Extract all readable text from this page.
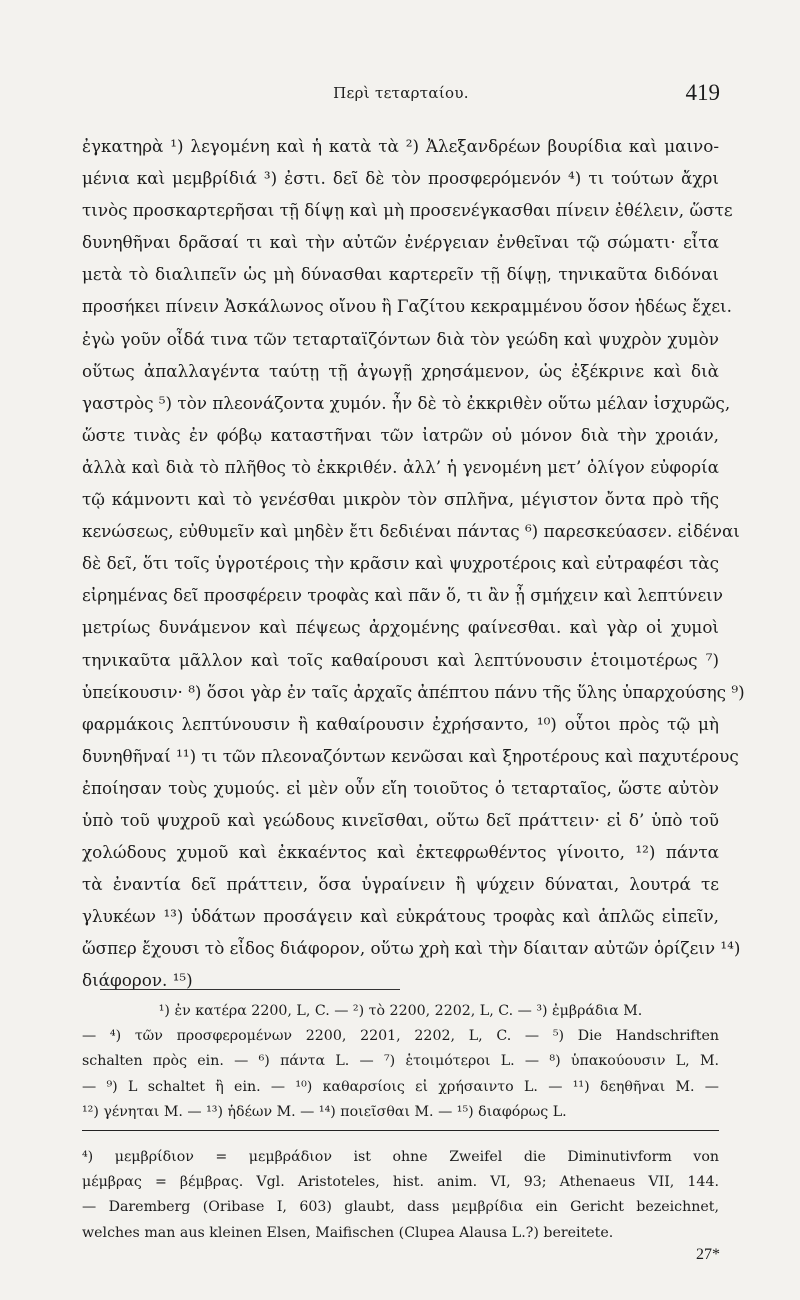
Περὶ τεταρταίου.	419
ἐγκατηρὰ ¹) λεγομένη καὶ ἡ κατὰ τὰ ²) Ἀλεξανδρέων βουρίδια καὶ μαινο-
μένια καὶ μεμβρίδιά ³) ἐστι. δεῖ δὲ τὸν προσφερόμενόν ⁴) τι τούτων ἄχρι
τινὸς προσκαρτερῆσαι τῇ δίψῃ καὶ μὴ προσενέγκασθαι πίνειν ἐθέλειν, ὥστε
δυνηθῆναι δρᾶσαί τι καὶ τὴν αὐτῶν ἐνέργειαν ἐνθεῖναι τῷ σώματι· εἶτα
μετὰ τὸ διαλιπεῖν ὡς μὴ δύνασθαι καρτερεῖν τῇ δίψῃ, τηνικαῦτα διδόναι
προσήκει πίνειν Ἀσκάλωνος οἴνου ἢ Γαζίτου κεκραμμένου ὅσον ἡδέως ἔχει.
ἐγὼ γοῦν οἶδά τινα τῶν τεταρταϊζόντων διὰ τὸν γεώδη καὶ ψυχρὸν χυμὸν
οὕτως ἀπαλλαγέντα ταύτῃ τῇ ἀγωγῇ χρησάμενον, ὡς ἐξέκρινε καὶ διὰ
γαστρὸς ⁵) τὸν πλεονάζοντα χυμόν. ἦν δὲ τὸ ἐκκριθὲν οὕτω μέλαν ἰσχυρῶς,
ὥστε τινὰς ἐν φόβῳ καταστῆναι τῶν ἰατρῶν οὐ μόνον διὰ τὴν χροιάν,
ἀλλὰ καὶ διὰ τὸ πλῆθος τὸ ἐκκριθέν. ἀλλ’ ἡ γενομένη μετ’ ὀλίγον εὐφορία
τῷ κάμνοντι καὶ τὸ γενέσθαι μικρὸν τὸν σπλῆνα, μέγιστον ὄντα πρὸ τῆς
κενώσεως, εὐθυμεῖν καὶ μηδὲν ἔτι δεδιέναι πάντας ⁶) παρεσκεύασεν. εἰδέναι
δὲ δεῖ, ὅτι τοῖς ὑγροτέροις τὴν κρᾶσιν καὶ ψυχροτέροις καὶ εὐτραφέσι τὰς
εἰρημένας δεῖ προσφέρειν τροφὰς καὶ πᾶν ὅ, τι ἂν ᾖ σμήχειν καὶ λεπτύνειν
μετρίως δυνάμενον καὶ πέψεως ἀρχομένης φαίνεσθαι. καὶ γὰρ οἱ χυμοὶ
τηνικαῦτα μᾶλλον καὶ τοῖς καθαίρουσι καὶ λεπτύνουσιν ἑτοιμοτέρως ⁷)
ὑπείκουσιν· ⁸) ὅσοι γὰρ ἐν ταῖς ἀρχαῖς ἀπέπτου πάνυ τῆς ὕλης ὑπαρχούσης ⁹)
φαρμάκοις λεπτύνουσιν ἢ καθαίρουσιν ἐχρήσαντο, ¹⁰) οὗτοι πρὸς τῷ μὴ
δυνηθῆναί ¹¹) τι τῶν πλεοναζόντων κενῶσαι καὶ ξηροτέρους καὶ παχυτέρους
ἐποίησαν τοὺς χυμούς. εἰ μὲν οὖν εἴη τοιοῦτος ὁ τεταρταῖος, ὥστε αὐτὸν
ὑπὸ τοῦ ψυχροῦ καὶ γεώδους κινεῖσθαι, οὕτω δεῖ πράττειν· εἰ δ’ ὑπὸ τοῦ
χολώδους χυμοῦ καὶ ἐκκαέντος καὶ ἐκτεφρωθέντος γίνοιτο, ¹²) πάντα
τὰ ἐναντία δεῖ πράττειν, ὅσα ὑγραίνειν ἢ ψύχειν δύναται, λουτρά τε
γλυκέων ¹³) ὑδάτων προσάγειν καὶ εὐκράτους τροφὰς καὶ ἁπλῶς εἰπεῖν,
ὥσπερ ἔχουσι τὸ εἶδος διάφορον, οὕτω χρὴ καὶ τὴν δίαιταν αὐτῶν ὁρίζειν ¹⁴)
διάφορον. ¹⁵)
¹) ἐν κατέρα 2200, L, C. — ²) τὸ 2200, 2202, L, C. — ³) ἐμβράδια M.
— ⁴) τῶν προσφερομένων 2200, 2201, 2202, L, C. — ⁵) Die Handschriften
schalten πρὸς ein. — ⁶) πάντα L. — ⁷) ἑτοιμότεροι L. — ⁸) ὑπακούουσιν L, M.
— ⁹) L schaltet ἢ ein. — ¹⁰) καθαρσίοις εἰ χρήσαιντο L. — ¹¹) δεηθῆναι M. —
¹²) γένηται M. — ¹³) ἡδέων M. — ¹⁴) ποιεῖσθαι M. — ¹⁵) διαφόρως L.
⁴) μεμβρίδιον = μεμβράδιον ist ohne Zweifel die Diminutivform von
μέμβρας = βέμβρας. Vgl. Aristoteles, hist. anim. VI, 93; Athenaeus VII, 144.
— Daremberg (Oribase I, 603) glaubt, dass μεμβρίδια ein Gericht bezeichnet,
welches man aus kleinen Elsen, Maifischen (Clupea Alausa L.?) bereitete.
27*
